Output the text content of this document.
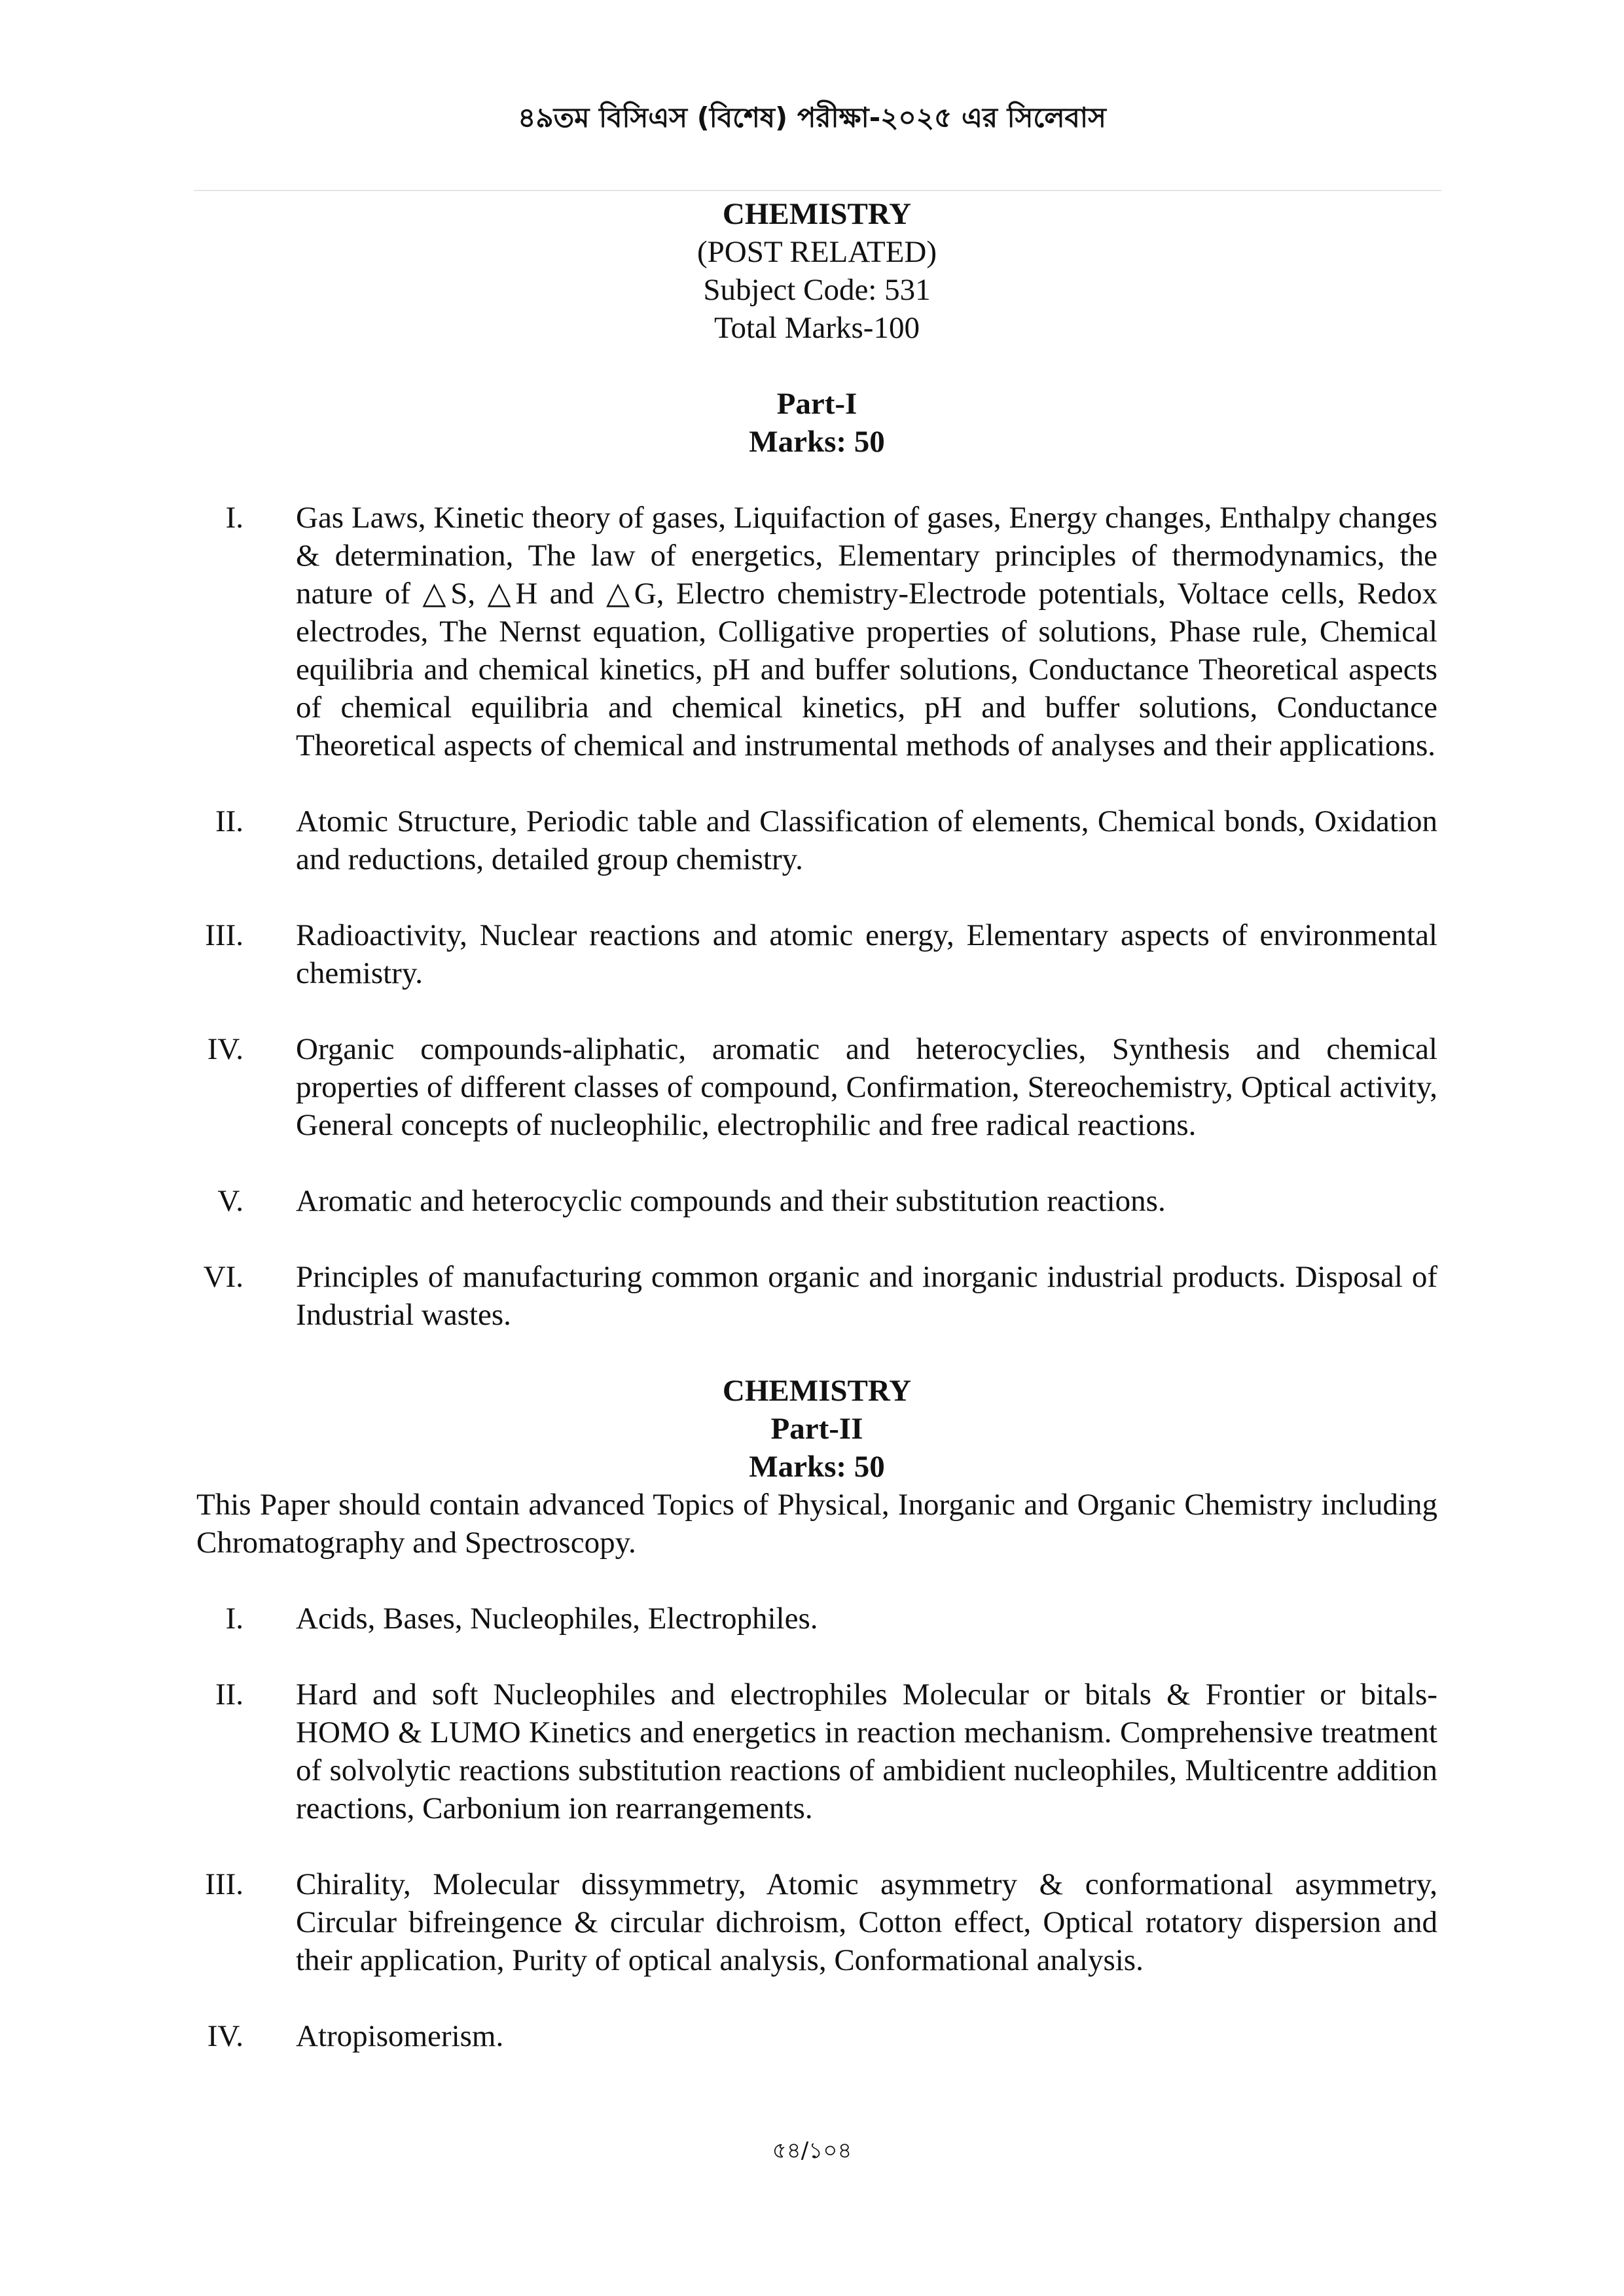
৪৯তম বিসিএস (বিশেষ) পরীক্ষা-২০২৫ এর সিলেবাস
CHEMISTRY
(POST RELATED)
Subject Code: 531
Total Marks-100
Part-I
Marks: 50
I. Gas Laws, Kinetic theory of gases, Liquifaction of gases, Energy changes, Enthalpy changes & determination, The law of energetics, Elementary principles of thermodynamics, the nature of △S, △H and △G, Electro chemistry-Electrode potentials, Voltace cells, Redox electrodes, The Nernst equation, Colligative properties of solutions, Phase rule, Chemical equilibria and chemical kinetics, pH and buffer solutions, Conductance Theoretical aspects of chemical equilibria and chemical kinetics, pH and buffer solutions, Conductance Theoretical aspects of chemical and instrumental methods of analyses and their applications.
II. Atomic Structure, Periodic table and Classification of elements, Chemical bonds, Oxidation and reductions, detailed group chemistry.
III. Radioactivity, Nuclear reactions and atomic energy, Elementary aspects of environmental chemistry.
IV. Organic compounds-aliphatic, aromatic and heterocyclies, Synthesis and chemical properties of different classes of compound, Confirmation, Stereochemistry, Optical activity, General concepts of nucleophilic, electrophilic and free radical reactions.
V. Aromatic and heterocyclic compounds and their substitution reactions.
VI. Principles of manufacturing common organic and inorganic industrial products. Disposal of Industrial wastes.
CHEMISTRY
Part-II
Marks: 50
This Paper should contain advanced Topics of Physical, Inorganic and Organic Chemistry including Chromatography and Spectroscopy.
I. Acids, Bases, Nucleophiles, Electrophiles.
II. Hard and soft Nucleophiles and electrophiles Molecular or bitals & Frontier or bitals-HOMO & LUMO Kinetics and energetics in reaction mechanism. Comprehensive treatment of solvolytic reactions substitution reactions of ambidient nucleophiles, Multicentre addition reactions, Carbonium ion rearrangements.
III. Chirality, Molecular dissymmetry, Atomic asymmetry & conformational asymmetry, Circular bifreingence & circular dichroism, Cotton effect, Optical rotatory dispersion and their application, Purity of optical analysis, Conformational analysis.
IV. Atropisomerism.
৫৪/১০৪
